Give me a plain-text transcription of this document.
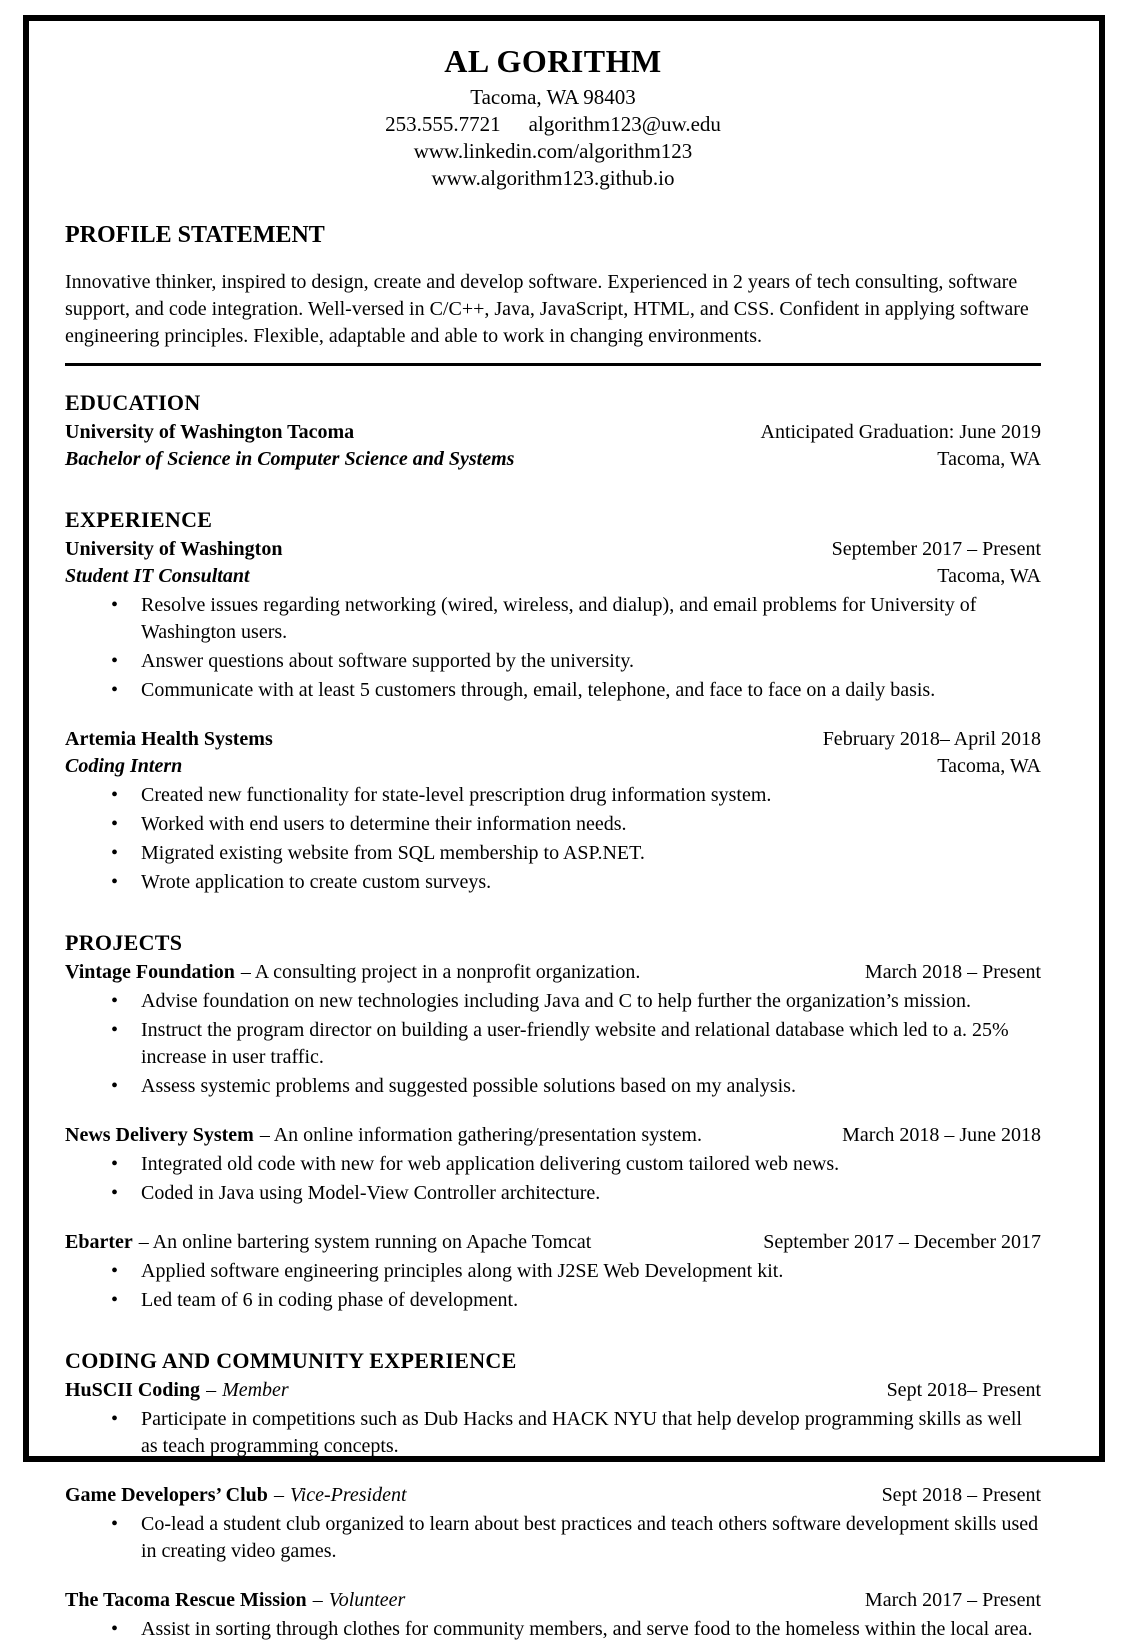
AL GORITHM
Tacoma, WA 98403
253.555.7721 algorithm123@uw.edu
www.linkedin.com/algorithm123
www.algorithm123.github.io
PROFILE STATEMENT

Innovative thinker, inspired to design, create and develop software. Experienced in 2 years of tech consulting, software support, and code integration. Well-versed in C/C++, Java, JavaScript, HTML, and CSS. Confident in applying software engineering principles. Flexible, adaptable and able to work in changing environments.

EDUCATION
University of Washington Tacoma	Anticipated Graduation: June 2019
Bachelor of Science in Computer Science and Systems	Tacoma, WA
EXPERIENCE
University of Washington	September 2017 – Present
Student IT Consultant	Tacoma, WA
• Resolve issues regarding networking (wired, wireless, and dialup), and email problems for University of Washington users.
• Answer questions about software supported by the university.
• Communicate with at least 5 customers through, email, telephone, and face to face on a daily basis.
Artemia Health Systems	February 2018– April 2018
Coding Intern	Tacoma, WA
• Created new functionality for state-level prescription drug information system.
• Worked with end users to determine their information needs.
• Migrated existing website from SQL membership to ASP.NET.
• Wrote application to create custom surveys.
PROJECTS
Vintage Foundation – A consulting project in a nonprofit organization.	March 2018 – Present
• Advise foundation on new technologies including Java and C to help further the organization’s mission.
• Instruct the program director on building a user-friendly website and relational database which led to a. 25% increase in user traffic.
• Assess systemic problems and suggested possible solutions based on my analysis.
News Delivery System – An online information gathering/presentation system.	March 2018 – June 2018
• Integrated old code with new for web application delivering custom tailored web news.
• Coded in Java using Model-View Controller architecture.
Ebarter – An online bartering system running on Apache Tomcat	September 2017 – December 2017
• Applied software engineering principles along with J2SE Web Development kit.
• Led team of 6 in coding phase of development.
CODING AND COMMUNITY EXPERIENCE
HuSCII Coding – Member	Sept 2018– Present
• Participate in competitions such as Dub Hacks and HACK NYU that help develop programming skills as well as teach programming concepts.
Game Developers’ Club – Vice-President	Sept 2018 – Present
• Co-lead a student club organized to learn about best practices and teach others software development skills used in creating video games.
The Tacoma Rescue Mission – Volunteer	March 2017 – Present
• Assist in sorting through clothes for community members, and serve food to the homeless within the local area.
